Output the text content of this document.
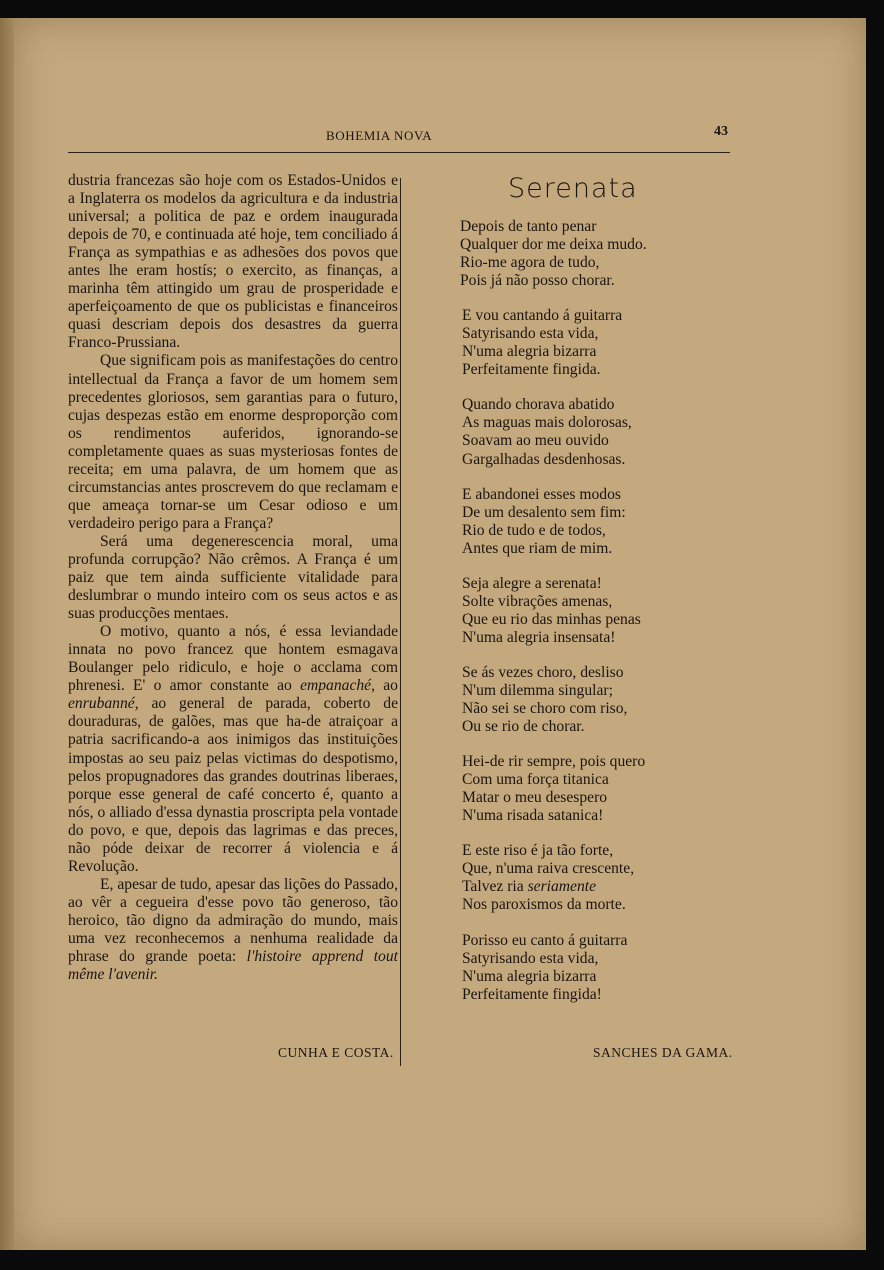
BOHEMIA NOVA	43

dustria francezas são hoje com os Estados-Unidos e a Inglaterra os modelos da agricultura e da industria universal; a politica de paz e ordem inaugurada depois de 70, e continuada até hoje, tem conciliado á França as sympathias e as adhesões dos povos que antes lhe eram hostís; o exercito, as finanças, a marinha têm attingido um grau de prosperidade e aperfeiçoamento de que os publicistas e financeiros quasi descriam depois dos desastres da guerra Franco-Prussiana.

Que significam pois as manifestações do centro intellectual da França a favor de um homem sem precedentes gloriosos, sem garantias para o futuro, cujas despezas estão em enorme desproporção com os rendimentos auferidos, ignorando-se completamente quaes as suas mysteriosas fontes de receita; em uma palavra, de um homem que as circumstancias antes proscrevem do que reclamam e que ameaça tornar-se um Cesar odioso e um verdadeiro perigo para a França?

Será uma degenerescencia moral, uma profunda corrupção? Não crêmos. A França é um paiz que tem ainda sufficiente vitalidade para deslumbrar o mundo inteiro com os seus actos e as suas producções mentaes.

O motivo, quanto a nós, é essa leviandade innata no povo francez que hontem esmagava Boulanger pelo ridiculo, e hoje o acclama com phrenesi. E' o amor constante ao empanaché, ao enrubanné, ao general de parada, coberto de douraduras, de galões, mas que ha-de atraiçoar a patria sacrificando-a aos inimigos das instituições impostas ao seu paiz pelas victimas do despotismo, pelos propugnadores das grandes doutrinas liberaes, porque esse general de café concerto é, quanto a nós, o alliado d'essa dynastia proscripta pela vontade do povo, e que, depois das lagrimas e das preces, não póde deixar de recorrer á violencia e á Revolução.

E, apesar de tudo, apesar das lições do Passado, ao vêr a cegueira d'esse povo tão generoso, tão heroico, tão digno da admiração do mundo, mais uma vez reconhecemos a nenhuma realidade da phrase do grande poeta: l'histoire apprend tout même l'avenir.

CUNHA E COSTA.
Serenata
Depois de tanto penar
Qualquer dor me deixa mudo.
Rio-me agora de tudo,
Pois já não posso chorar.
E vou cantando á guitarra
Satyrisando esta vida,
N'uma alegria bizarra
Perfeitamente fingida.
Quando chorava abatido
As maguas mais dolorosas,
Soavam ao meu ouvido
Gargalhadas desdenhosas.
E abandonei esses modos
De um desalento sem fim:
Rio de tudo e de todos,
Antes que riam de mim.
Seja alegre a serenata!
Solte vibrações amenas,
Que eu rio das minhas penas
N'uma alegria insensata!
Se ás vezes choro, desliso
N'um dilemma singular;
Não sei se choro com riso,
Ou se rio de chorar.
Hei-de rir sempre, pois quero
Com uma força titanica
Matar o meu desespero
N'uma risada satanica!
E este riso é ja tão forte,
Que, n'uma raiva crescente,
Talvez ria seriamente
Nos paroxismos da morte.
Porisso eu canto á guitarra
Satyrisando esta vida,
N'uma alegria bizarra
Perfeitamente fingida!
SANCHES DA GAMA.
